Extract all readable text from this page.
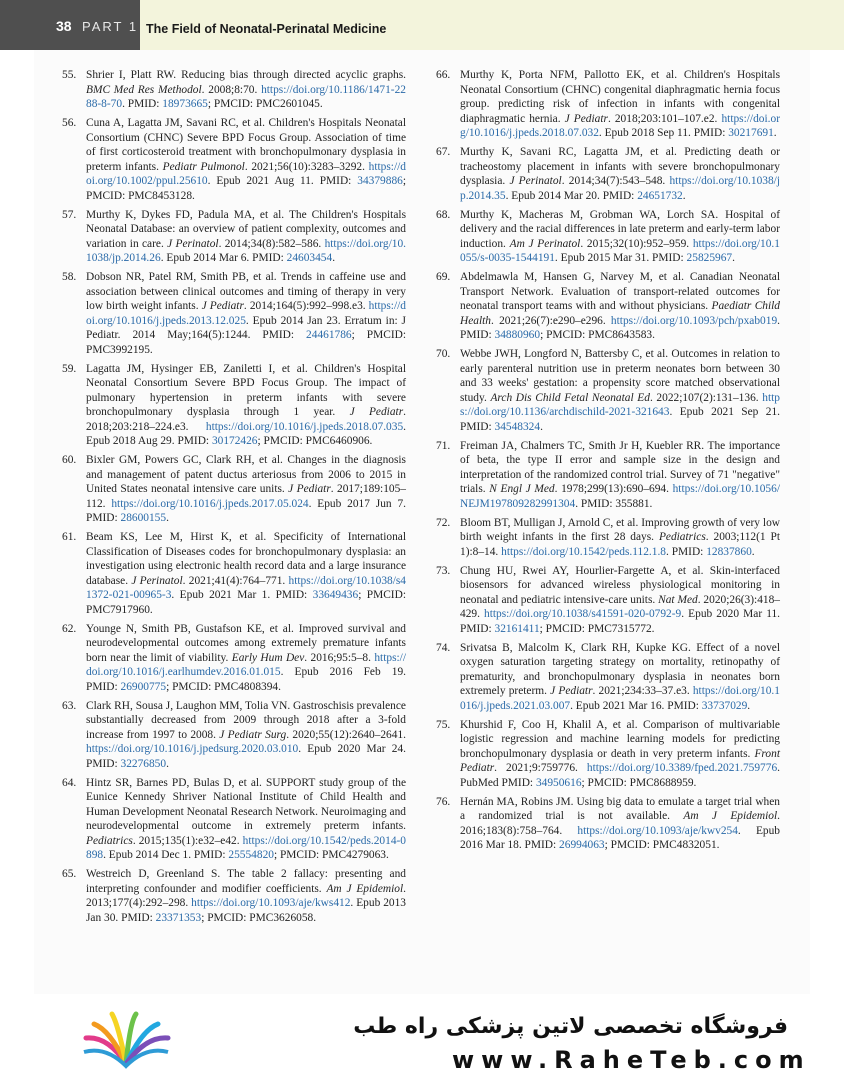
38 PART 1 The Field of Neonatal-Perinatal Medicine
55. Shrier I, Platt RW. Reducing bias through directed acyclic graphs. BMC Med Res Methodol. 2008;8:70. https://doi.org/10.1186/1471-2288-8-70. PMID: 18973665; PMCID: PMC2601045.
56. Cuna A, Lagatta JM, Savani RC, et al. Children's Hospitals Neonatal Consortium (CHNC) Severe BPD Focus Group. Association of time of first corticosteroid treatment with bronchopulmonary dysplasia in preterm infants. Pediatr Pulmonol. 2021;56(10):3283–3292. https://doi.org/10.1002/ppul.25610. Epub 2021 Aug 11. PMID: 34379886; PMCID: PMC8453128.
57. Murthy K, Dykes FD, Padula MA, et al. The Children's Hospitals Neonatal Database: an overview of patient complexity, outcomes and variation in care. J Perinatol. 2014;34(8):582–586. https://doi.org/10.1038/jp.2014.26. Epub 2014 Mar 6. PMID: 24603454.
58. Dobson NR, Patel RM, Smith PB, et al. Trends in caffeine use and association between clinical outcomes and timing of therapy in very low birth weight infants. J Pediatr. 2014;164(5):992–998.e3. https://doi.org/10.1016/j.jpeds.2013.12.025. Epub 2014 Jan 23. Erratum in: J Pediatr. 2014 May;164(5):1244. PMID: 24461786; PMCID: PMC3992195.
59. Lagatta JM, Hysinger EB, Zaniletti I, et al. Children's Hospital Neonatal Consortium Severe BPD Focus Group. The impact of pulmonary hypertension in preterm infants with severe bronchopulmonary dysplasia through 1 year. J Pediatr. 2018;203:218–224.e3. https://doi.org/10.1016/j.jpeds.2018.07.035. Epub 2018 Aug 29. PMID: 30172426; PMCID: PMC6460906.
60. Bixler GM, Powers GC, Clark RH, et al. Changes in the diagnosis and management of patent ductus arteriosus from 2006 to 2015 in United States neonatal intensive care units. J Pediatr. 2017;189:105–112. https://doi.org/10.1016/j.jpeds.2017.05.024. Epub 2017 Jun 7. PMID: 28600155.
61. Beam KS, Lee M, Hirst K, et al. Specificity of International Classification of Diseases codes for bronchopulmonary dysplasia: an investigation using electronic health record data and a large insurance database. J Perinatol. 2021;41(4):764–771. https://doi.org/10.1038/s41372-021-00965-3. Epub 2021 Mar 1. PMID: 33649436; PMCID: PMC7917960.
62. Younge N, Smith PB, Gustafson KE, et al. Improved survival and neurodevelopmental outcomes among extremely premature infants born near the limit of viability. Early Hum Dev. 2016;95:5–8. https://doi.org/10.1016/j.earlhumdev.2016.01.015. Epub 2016 Feb 19. PMID: 26900775; PMCID: PMC4808394.
63. Clark RH, Sousa J, Laughon MM, Tolia VN. Gastroschisis prevalence substantially decreased from 2009 through 2018 after a 3-fold increase from 1997 to 2008. J Pediatr Surg. 2020;55(12):2640–2641. https://doi.org/10.1016/j.jpedsurg.2020.03.010. Epub 2020 Mar 24. PMID: 32276850.
64. Hintz SR, Barnes PD, Bulas D, et al. SUPPORT study group of the Eunice Kennedy Shriver National Institute of Child Health and Human Development Neonatal Research Network. Neuroimaging and neurodevelopmental outcome in extremely preterm infants. Pediatrics. 2015;135(1):e32–e42. https://doi.org/10.1542/peds.2014-0898. Epub 2014 Dec 1. PMID: 25554820; PMCID: PMC4279063.
65. Westreich D, Greenland S. The table 2 fallacy: presenting and interpreting confounder and modifier coefficients. Am J Epidemiol. 2013;177(4):292–298. https://doi.org/10.1093/aje/kws412. Epub 2013 Jan 30. PMID: 23371353; PMCID: PMC3626058.
66. Murthy K, Porta NFM, Pallotto EK, et al. Children's Hospitals Neonatal Consortium (CHNC) congenital diaphragmatic hernia focus group. predicting risk of infection in infants with congenital diaphragmatic hernia. J Pediatr. 2018;203:101–107.e2. https://doi.org/10.1016/j.jpeds.2018.07.032. Epub 2018 Sep 11. PMID: 30217691.
67. Murthy K, Savani RC, Lagatta JM, et al. Predicting death or tracheostomy placement in infants with severe bronchopulmonary dysplasia. J Perinatol. 2014;34(7):543–548. https://doi.org/10.1038/jp.2014.35. Epub 2014 Mar 20. PMID: 24651732.
68. Murthy K, Macheras M, Grobman WA, Lorch SA. Hospital of delivery and the racial differences in late preterm and early-term labor induction. Am J Perinatol. 2015;32(10):952–959. https://doi.org/10.1055/s-0035-1544191. Epub 2015 Mar 31. PMID: 25825967.
69. Abdelmawla M, Hansen G, Narvey M, et al. Canadian Neonatal Transport Network. Evaluation of transport-related outcomes for neonatal transport teams with and without physicians. Paediatr Child Health. 2021;26(7):e290–e296. https://doi.org/10.1093/pch/pxab019. PMID: 34880960; PMCID: PMC8643583.
70. Webbe JWH, Longford N, Battersby C, et al. Outcomes in relation to early parenteral nutrition use in preterm neonates born between 30 and 33 weeks' gestation: a propensity score matched observational study. Arch Dis Child Fetal Neonatal Ed. 2022;107(2):131–136. https://doi.org/10.1136/archdischild-2021-321643. Epub 2021 Sep 21. PMID: 34548324.
71. Freiman JA, Chalmers TC, Smith Jr H, Kuebler RR. The importance of beta, the type II error and sample size in the design and interpretation of the randomized control trial. Survey of 71 "negative" trials. N Engl J Med. 1978;299(13):690–694. https://doi.org/10.1056/NEJM197809282991304. PMID: 355881.
72. Bloom BT, Mulligan J, Arnold C, et al. Improving growth of very low birth weight infants in the first 28 days. Pediatrics. 2003;112(1 Pt 1):8–14. https://doi.org/10.1542/peds.112.1.8. PMID: 12837860.
73. Chung HU, Rwei AY, Hourlier-Fargette A, et al. Skin-interfaced biosensors for advanced wireless physiological monitoring in neonatal and pediatric intensive-care units. Nat Med. 2020;26(3):418–429. https://doi.org/10.1038/s41591-020-0792-9. Epub 2020 Mar 11. PMID: 32161411; PMCID: PMC7315772.
74. Srivatsa B, Malcolm K, Clark RH, Kupke KG. Effect of a novel oxygen saturation targeting strategy on mortality, retinopathy of prematurity, and bronchopulmonary dysplasia in neonates born extremely preterm. J Pediatr. 2021;234:33–37.e3. https://doi.org/10.1016/j.jpeds.2021.03.007. Epub 2021 Mar 16. PMID: 33737029.
75. Khurshid F, Coo H, Khalil A, et al. Comparison of multivariable logistic regression and machine learning models for predicting bronchopulmonary dysplasia or death in very preterm infants. Front Pediatr. 2021;9:759776. https://doi.org/10.3389/fped.2021.759776. PubMed PMID: 34950616; PMCID: PMC8688959.
76. Hernán MA, Robins JM. Using big data to emulate a target trial when a randomized trial is not available. Am J Epidemiol. 2016;183(8):758–764. https://doi.org/10.1093/aje/kwv254. Epub 2016 Mar 18. PMID: 26994063; PMCID: PMC4832051.
فروشگاه تخصصی لاتین پزشکی راه طب
www.RaheTeb.com
